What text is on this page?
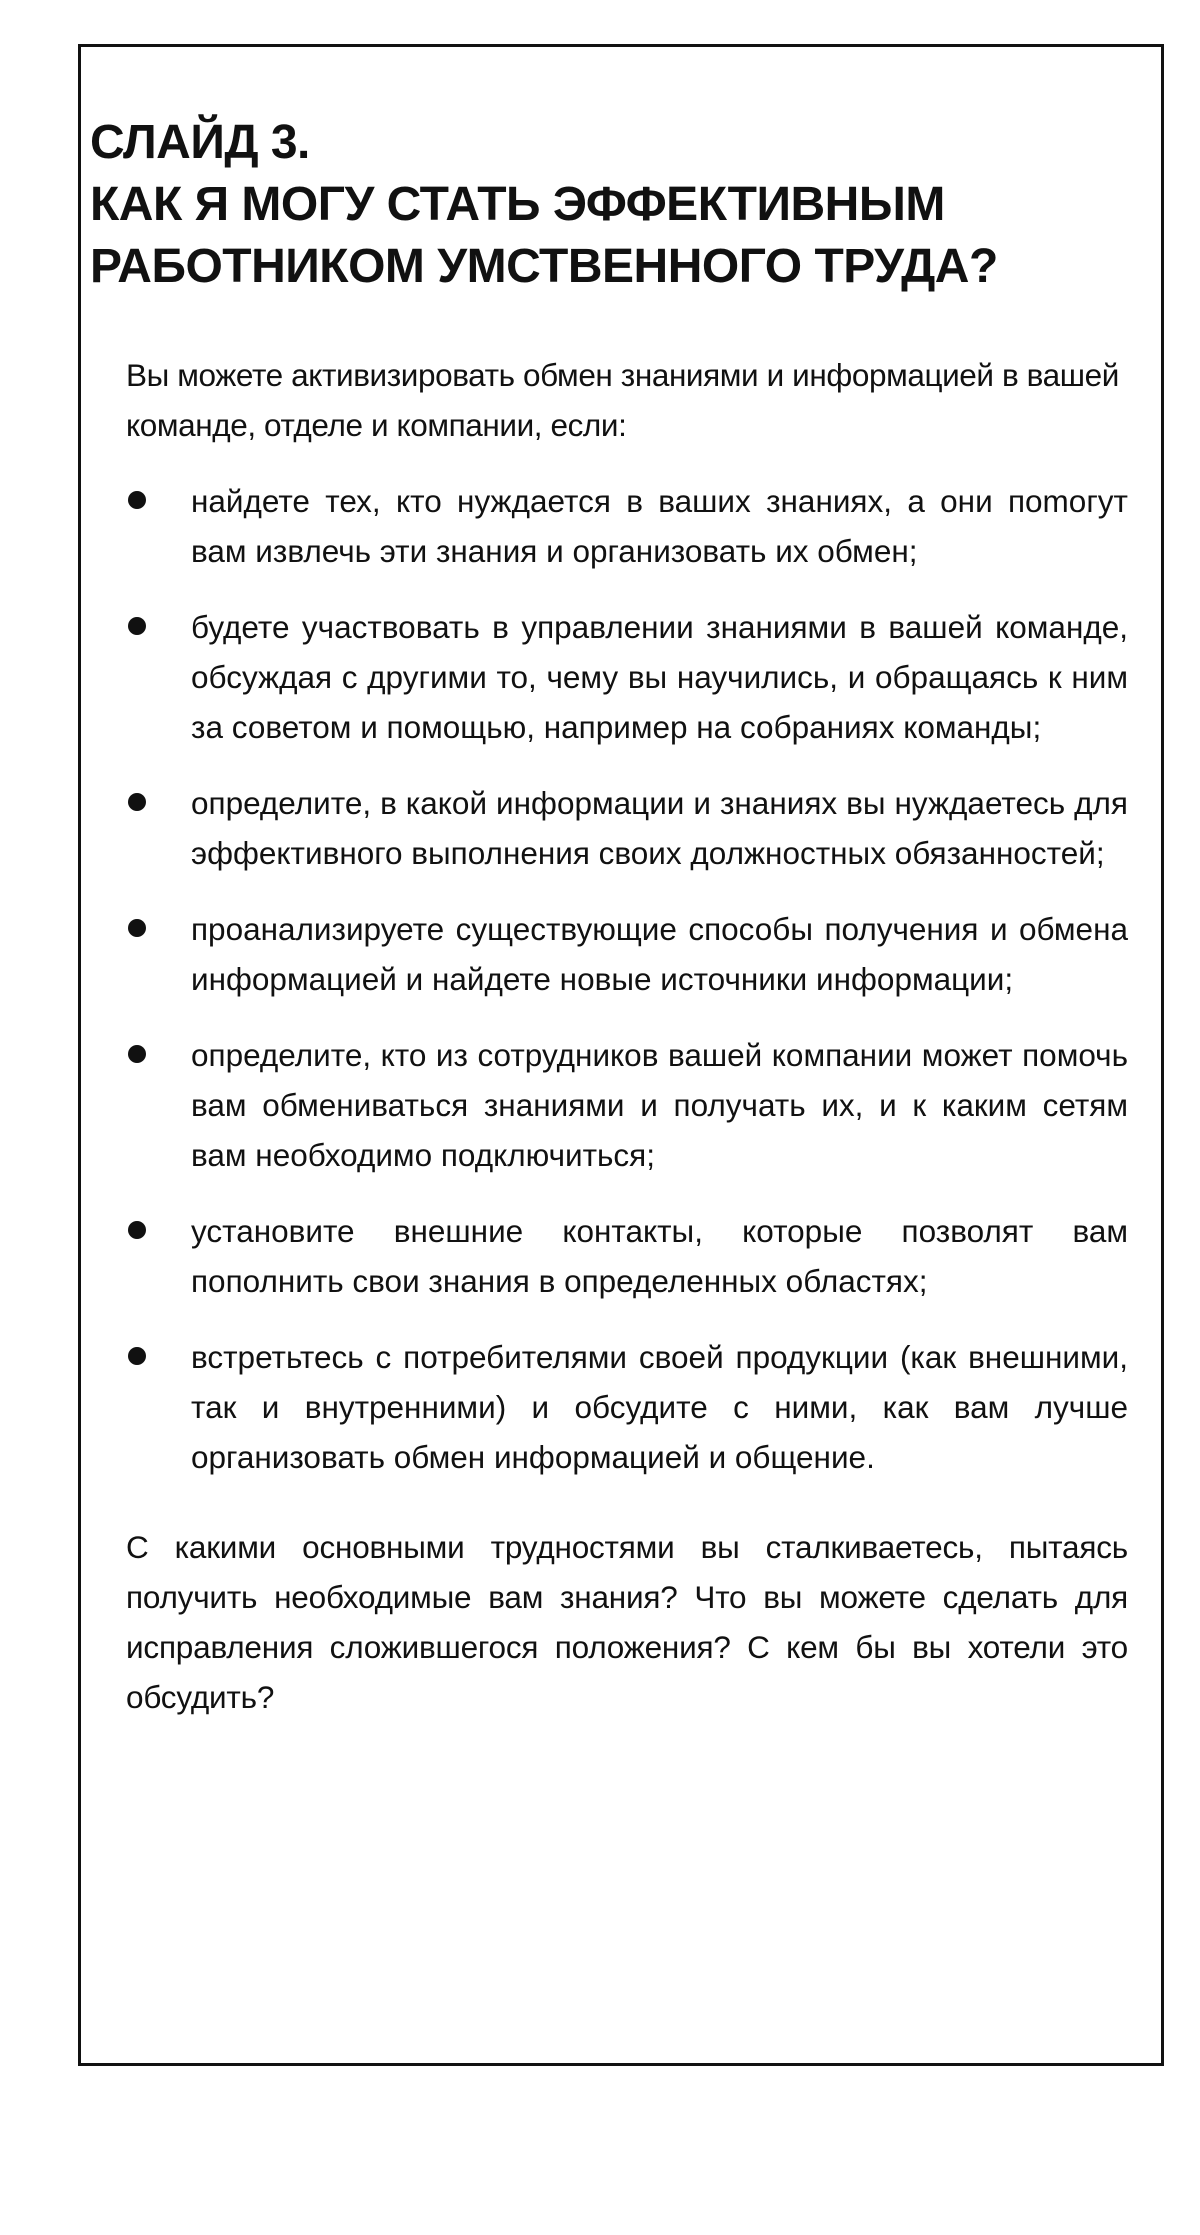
СЛАЙД 3.
КАК Я МОГУ СТАТЬ ЭФФЕКТИВНЫМ
РАБОТНИКОМ УМСТВЕННОГО ТРУДА?

Вы можете активизировать обмен знаниями и информацией в вашей команде, отделе и компании, если:

найдете тех, кто нуждается в ваших знаниях, а они поmогут вам извлечь эти знания и организовать их обмен;
будете участвовать в управлении знаниями в вашей команде, обсуждая с другими то, чему вы научились, и обращаясь к ним за советом и помощью, например на собраниях команды;
определите, в какой информации и знаниях вы нуждаетесь для эффективного выполнения своих должностных обязанностей;
проанализируете существующие способы получения и обмена информацией и найдете новые источники информации;
определите, кто из сотрудников вашей компании может помочь вам обмениваться знаниями и получать их, и к каким сетям вам необходимо подключиться;
установите внешние контакты, которые позволят вам пополнить свои знания в определенных областях;
встретьтесь с потребителями своей продукции (как внешними, так и внутренними) и обсудите с ними, как вам лучше организовать обмен информацией и общение.

С какими основными трудностями вы сталкиваетесь, пытаясь получить необходимые вам знания? Что вы можете сделать для исправления сложившегося положения? С кем бы вы хотели это обсудить?
